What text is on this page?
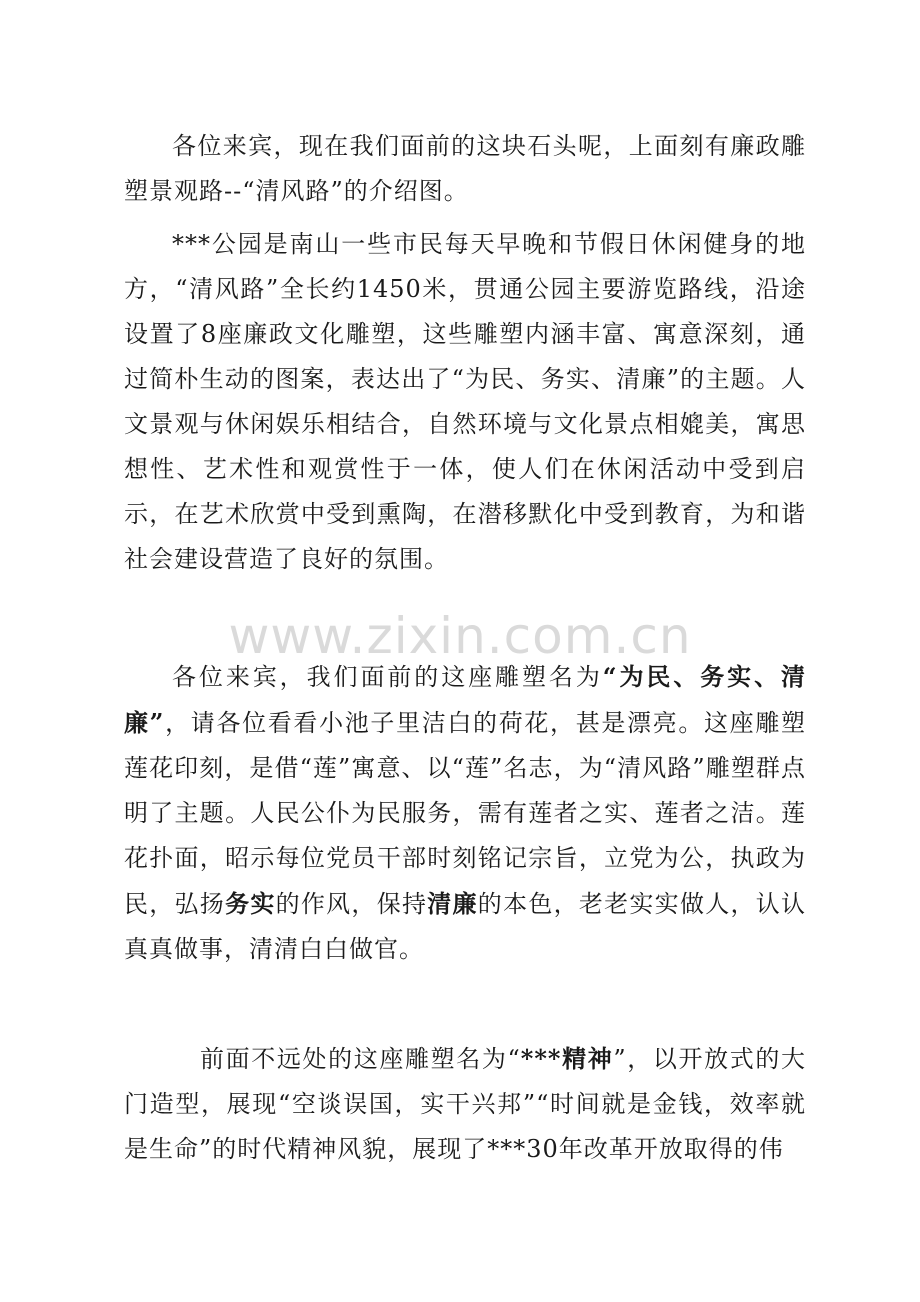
www.zixin.com.cn

各位来宾，现在我们面前的这块石头呢，上面刻有廉政雕塑景观路--“清风路”的介绍图。

***公园是南山一些市民每天早晚和节假日休闲健身的地方，“清风路”全长约1450米，贯通公园主要游览路线，沿途设置了8座廉政文化雕塑，这些雕塑内涵丰富、寓意深刻，通过简朴生动的图案，表达出了“为民、务实、清廉”的主题。人文景观与休闲娱乐相结合，自然环境与文化景点相媲美，寓思想性、艺术性和观赏性于一体，使人们在休闲活动中受到启示，在艺术欣赏中受到熏陶，在潜移默化中受到教育，为和谐社会建设营造了良好的氛围。

各位来宾，我们面前的这座雕塑名为“为民、务实、清廉”，请各位看看小池子里洁白的荷花，甚是漂亮。这座雕塑莲花印刻，是借“莲”寓意、以“莲”名志，为“清风路”雕塑群点明了主题。人民公仆为民服务，需有莲者之实、莲者之洁。莲花扑面，昭示每位党员干部时刻铭记宗旨，立党为公，执政为民，弘扬务实的作风，保持清廉的本色，老老实实做人，认认真真做事，清清白白做官。

前面不远处的这座雕塑名为“***精神”，以开放式的大门造型，展现“空谈误国，实干兴邦”“时间就是金钱，效率就是生命”的时代精神风貌，展现了***30年改革开放取得的伟
